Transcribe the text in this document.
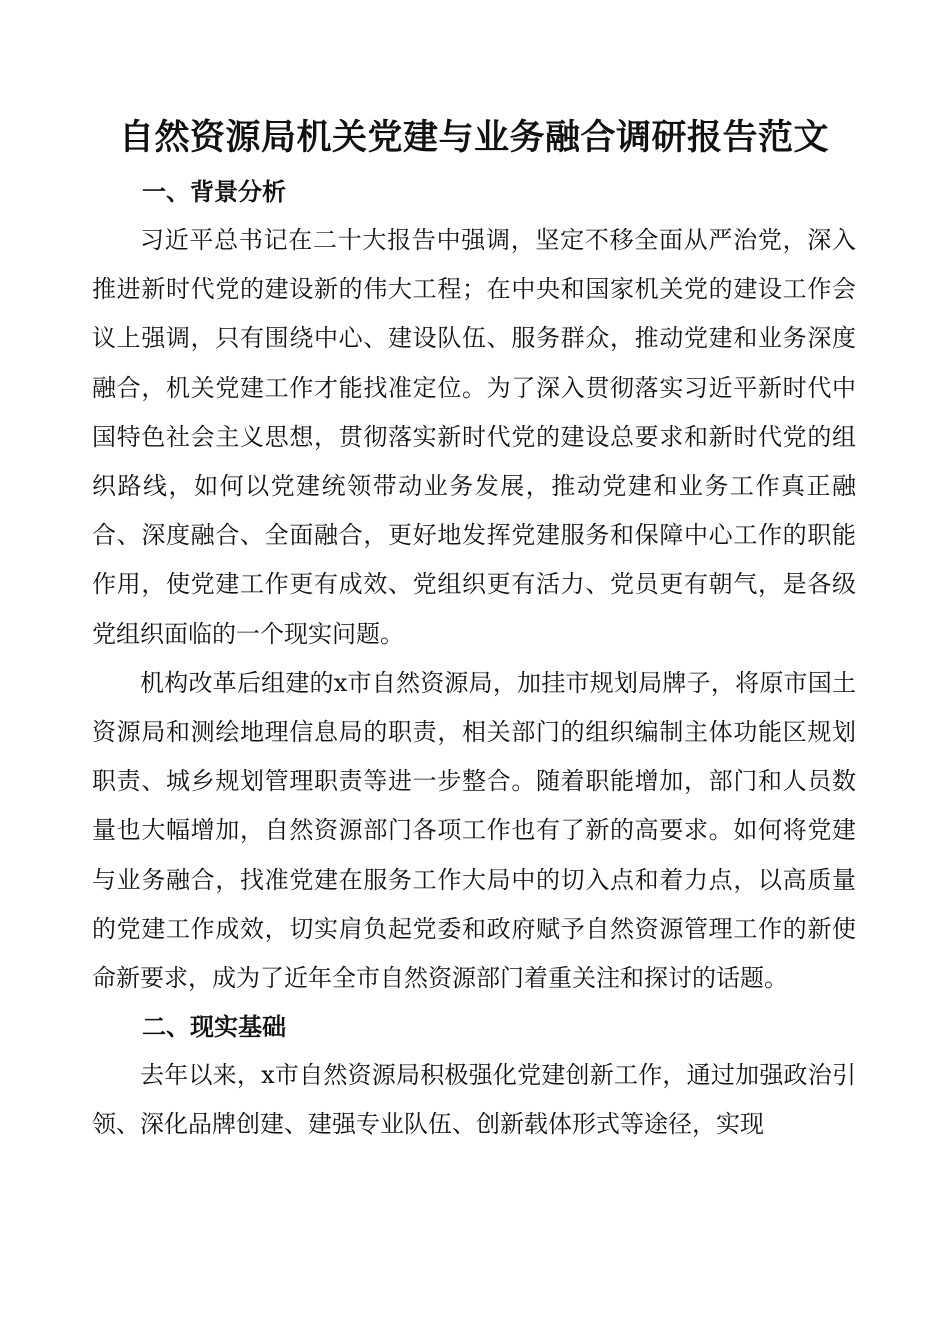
自然资源局机关党建与业务融合调研报告范文
一、背景分析

习近平总书记在二十大报告中强调，坚定不移全面从严治党，深入推进新时代党的建设新的伟大工程；在中央和国家机关党的建设工作会议上强调，只有围绕中心、建设队伍、服务群众，推动党建和业务深度融合，机关党建工作才能找准定位。为了深入贯彻落实习近平新时代中国特色社会主义思想，贯彻落实新时代党的建设总要求和新时代党的组织路线，如何以党建统领带动业务发展，推动党建和业务工作真正融合、深度融合、全面融合，更好地发挥党建服务和保障中心工作的职能作用，使党建工作更有成效、党组织更有活力、党员更有朝气，是各级党组织面临的一个现实问题。

机构改革后组建的x市自然资源局，加挂市规划局牌子，将原市国土资源局和测绘地理信息局的职责，相关部门的组织编制主体功能区规划职责、城乡规划管理职责等进一步整合。随着职能增加，部门和人员数量也大幅增加，自然资源部门各项工作也有了新的高要求。如何将党建与业务融合，找准党建在服务工作大局中的切入点和着力点，以高质量的党建工作成效，切实肩负起党委和政府赋予自然资源管理工作的新使命新要求，成为了近年全市自然资源部门着重关注和探讨的话题。

二、现实基础

去年以来，x市自然资源局积极强化党建创新工作，通过加强政治引领、深化品牌创建、建强专业队伍、创新载体形式等途径，实现
